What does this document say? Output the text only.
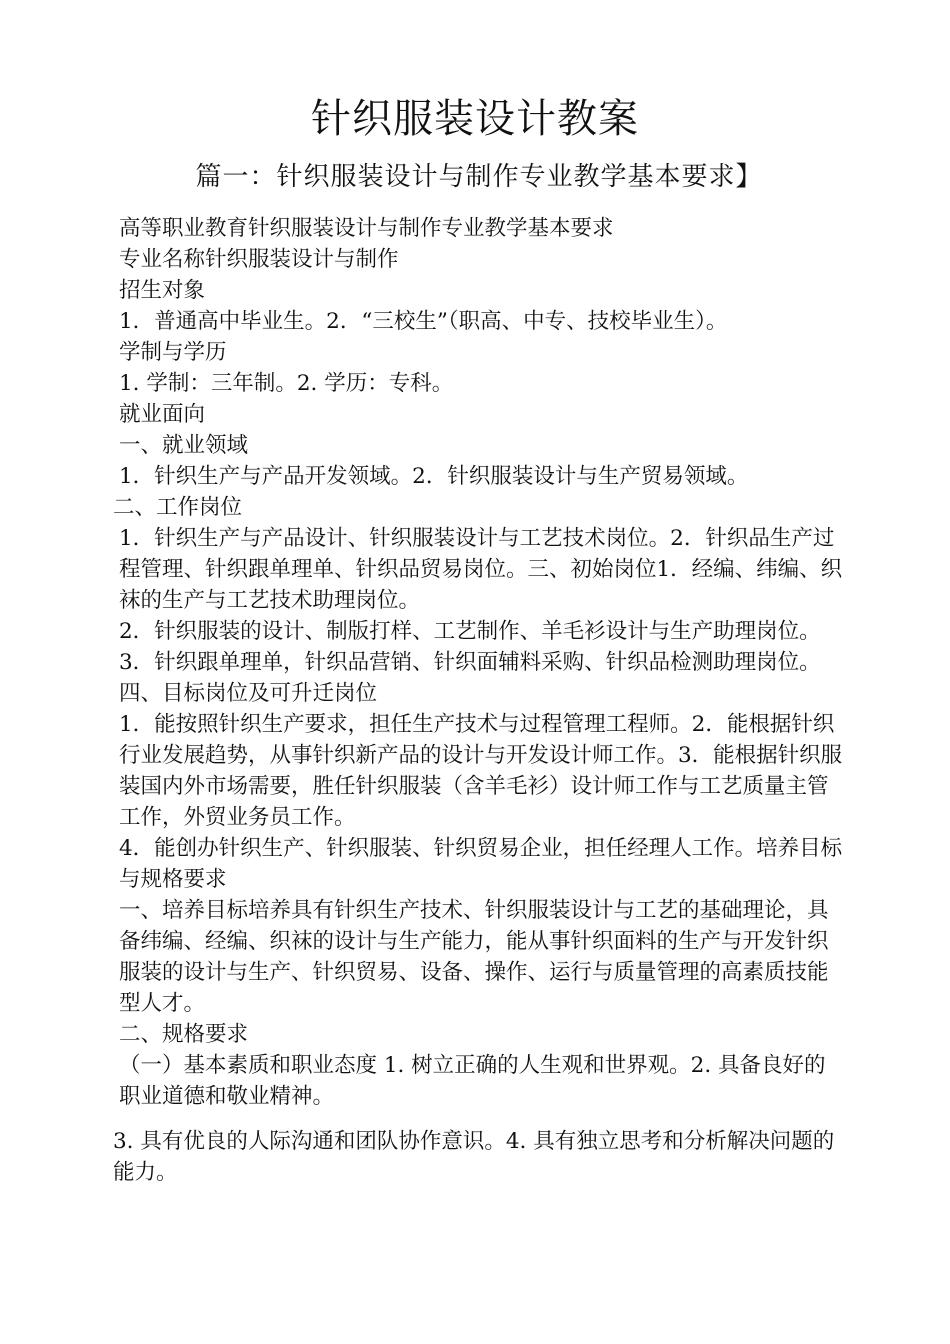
针织服装设计教案
篇一：针织服装设计与制作专业教学基本要求】

高等职业教育针织服装设计与制作专业教学基本要求

专业名称针织服装设计与制作

招生对象

1．普通高中毕业生。2．“三校生”（职高、中专、技校毕业生）。

学制与学历

1. 学制：三年制。2. 学历：专科。

就业面向

一、就业领域

1．针织生产与产品开发领域。2．针织服装设计与生产贸易领域。

二、工作岗位

1．针织生产与产品设计、针织服装设计与工艺技术岗位。2．针织品生产过程管理、针织跟单理单、针织品贸易岗位。三、初始岗位1．经编、纬编、织袜的生产与工艺技术助理岗位。

2．针织服装的设计、制版打样、工艺制作、羊毛衫设计与生产助理岗位。3．针织跟单理单，针织品营销、针织面辅料采购、针织品检测助理岗位。四、目标岗位及可升迁岗位

1．能按照针织生产要求，担任生产技术与过程管理工程师。2．能根据针织行业发展趋势，从事针织新产品的设计与开发设计师工作。3．能根据针织服装国内外市场需要，胜任针织服装（含羊毛衫）设计师工作与工艺质量主管工作，外贸业务员工作。

4．能创办针织生产、针织服装、针织贸易企业，担任经理人工作。培养目标与规格要求

一、培养目标培养具有针织生产技术、针织服装设计与工艺的基础理论，具备纬编、经编、织袜的设计与生产能力，能从事针织面料的生产与开发针织服装的设计与生产、针织贸易、设备、操作、运行与质量管理的高素质技能型人才。

二、规格要求

（一）基本素质和职业态度 1. 树立正确的人生观和世界观。2. 具备良好的职业道德和敬业精神。

3. 具有优良的人际沟通和团队协作意识。4. 具有独立思考和分析解决问题的能力。
